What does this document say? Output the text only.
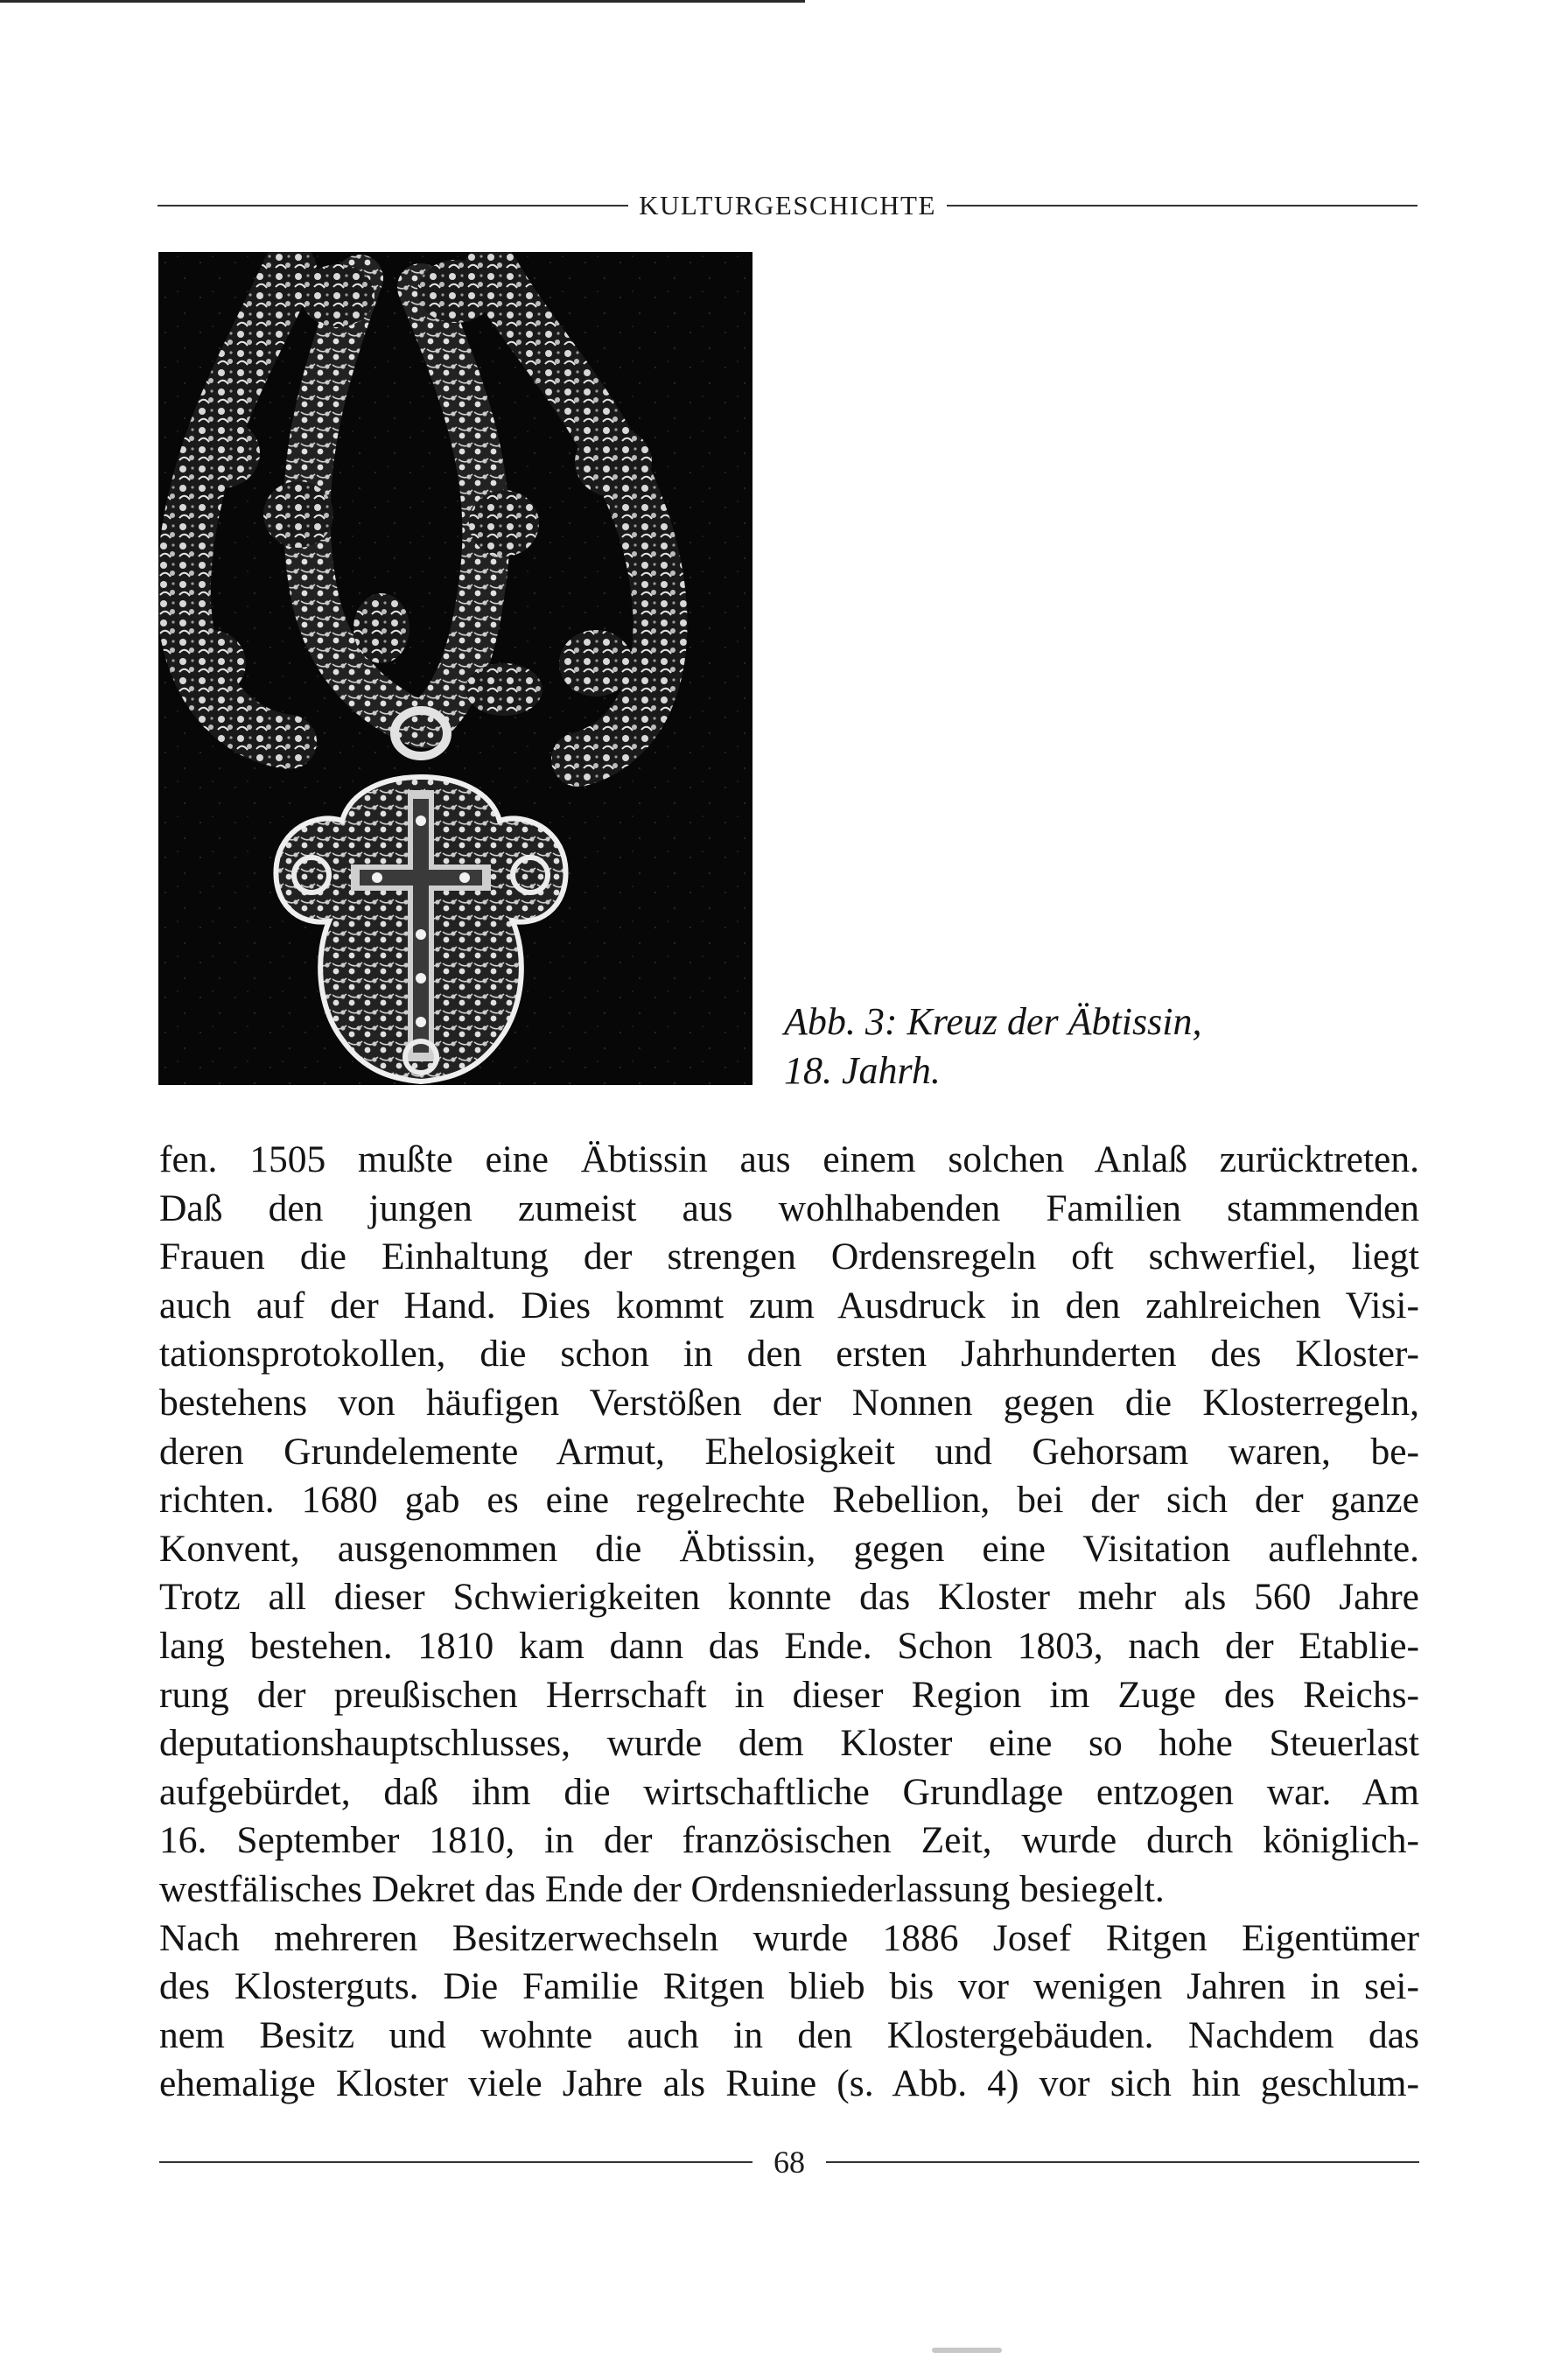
KULTURGESCHICHTE
Abb. 3: Kreuz der Äbtissin,
18. Jahrh.
fen. 1505 mußte eine Äbtissin aus einem solchen Anlaß zurücktreten.
Daß den jungen zumeist aus wohlhabenden Familien stammenden
Frauen die Einhaltung der strengen Ordensregeln oft schwerfiel, liegt
auch auf der Hand. Dies kommt zum Ausdruck in den zahlreichen Visi-
tationsprotokollen, die schon in den ersten Jahrhunderten des Kloster-
bestehens von häufigen Verstößen der Nonnen gegen die Klosterregeln,
deren Grundelemente Armut, Ehelosigkeit und Gehorsam waren, be-
richten. 1680 gab es eine regelrechte Rebellion, bei der sich der ganze
Konvent, ausgenommen die Äbtissin, gegen eine Visitation auflehnte.
Trotz all dieser Schwierigkeiten konnte das Kloster mehr als 560 Jahre
lang bestehen. 1810 kam dann das Ende. Schon 1803, nach der Etablie-
rung der preußischen Herrschaft in dieser Region im Zuge des Reichs-
deputationshauptschlusses, wurde dem Kloster eine so hohe Steuerlast
aufgebürdet, daß ihm die wirtschaftliche Grundlage entzogen war. Am
16. September 1810, in der französischen Zeit, wurde durch königlich-
westfälisches Dekret das Ende der Ordensniederlassung besiegelt.
Nach mehreren Besitzerwechseln wurde 1886 Josef Ritgen Eigentümer
des Klosterguts. Die Familie Ritgen blieb bis vor wenigen Jahren in sei-
nem Besitz und wohnte auch in den Klostergebäuden. Nachdem das
ehemalige Kloster viele Jahre als Ruine (s. Abb. 4) vor sich hin geschlum-
68
